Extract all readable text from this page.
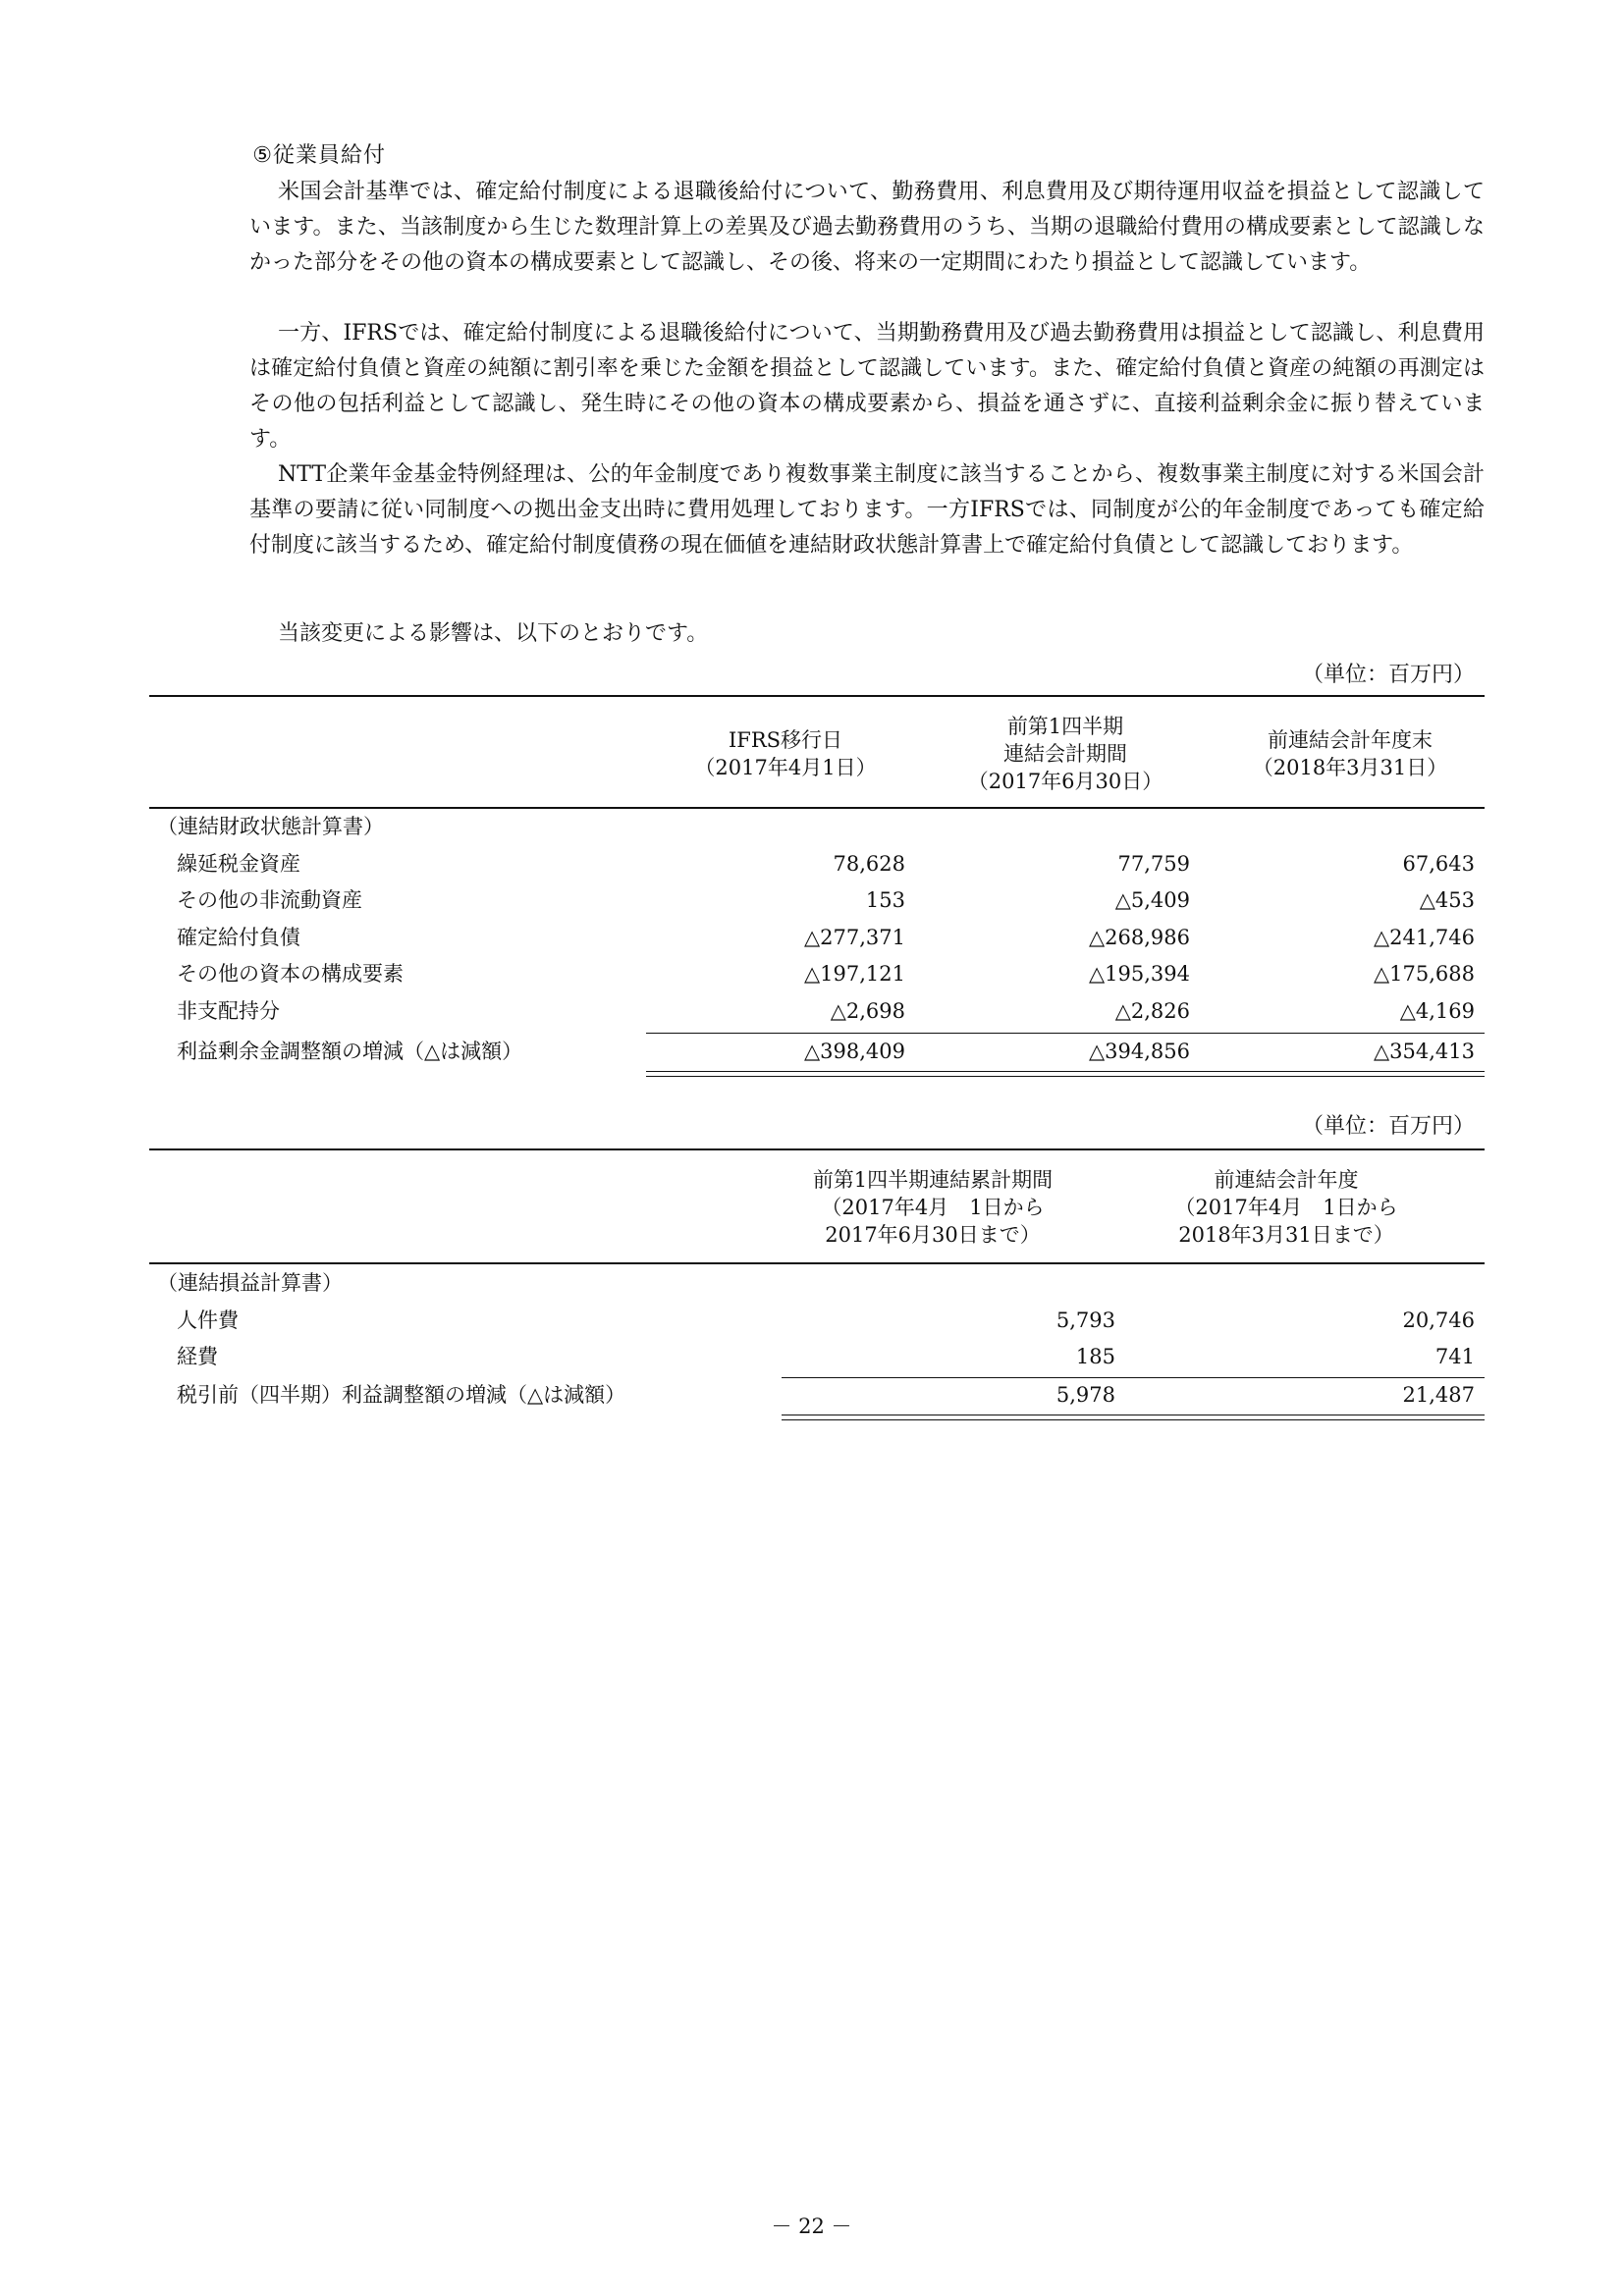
⑤従業員給付

米国会計基準では、確定給付制度による退職後給付について、勤務費用、利息費用及び期待運用収益を損益として認識しています。また、当該制度から生じた数理計算上の差異及び過去勤務費用のうち、当期の退職給付費用の構成要素として認識しなかった部分をその他の資本の構成要素として認識し、その後、将来の一定期間にわたり損益として認識しています。

一方、IFRSでは、確定給付制度による退職後給付について、当期勤務費用及び過去勤務費用は損益として認識し、利息費用は確定給付負債と資産の純額に割引率を乗じた金額を損益として認識しています。また、確定給付負債と資産の純額の再測定はその他の包括利益として認識し、発生時にその他の資本の構成要素から、損益を通さずに、直接利益剰余金に振り替えています。

NTT企業年金基金特例経理は、公的年金制度であり複数事業主制度に該当することから、複数事業主制度に対する米国会計基準の要請に従い同制度への拠出金支出時に費用処理しております。一方IFRSでは、同制度が公的年金制度であっても確定給付制度に該当するため、確定給付制度債務の現在価値を連結財政状態計算書上で確定給付負債として認識しております。

当該変更による影響は、以下のとおりです。

（単位：百万円）
IFRS移行日
（2017年4月1日）
前第1四半期
連結会計期間
（2017年6月30日）
前連結会計年度末
（2018年3月31日）
（連結財政状態計算書）
繰延税金資産	78,628	77,759	67,643
その他の非流動資産	153	△5,409	△453
確定給付負債	△277,371	△268,986	△241,746
その他の資本の構成要素	△197,121	△195,394	△175,688
非支配持分	△2,698	△2,826	△4,169
利益剰余金調整額の増減（△は減額）	△398,409	△394,856	△354,413
（単位：百万円）
前第1四半期連結累計期間
（2017年4月　1日から
2017年6月30日まで）
前連結会計年度
（2017年4月　1日から
2018年3月31日まで）
（連結損益計算書）
人件費	5,793	20,746
経費	185	741
税引前（四半期）利益調整額の増減（△は減額）	5,978	21,487
－ 22 －
